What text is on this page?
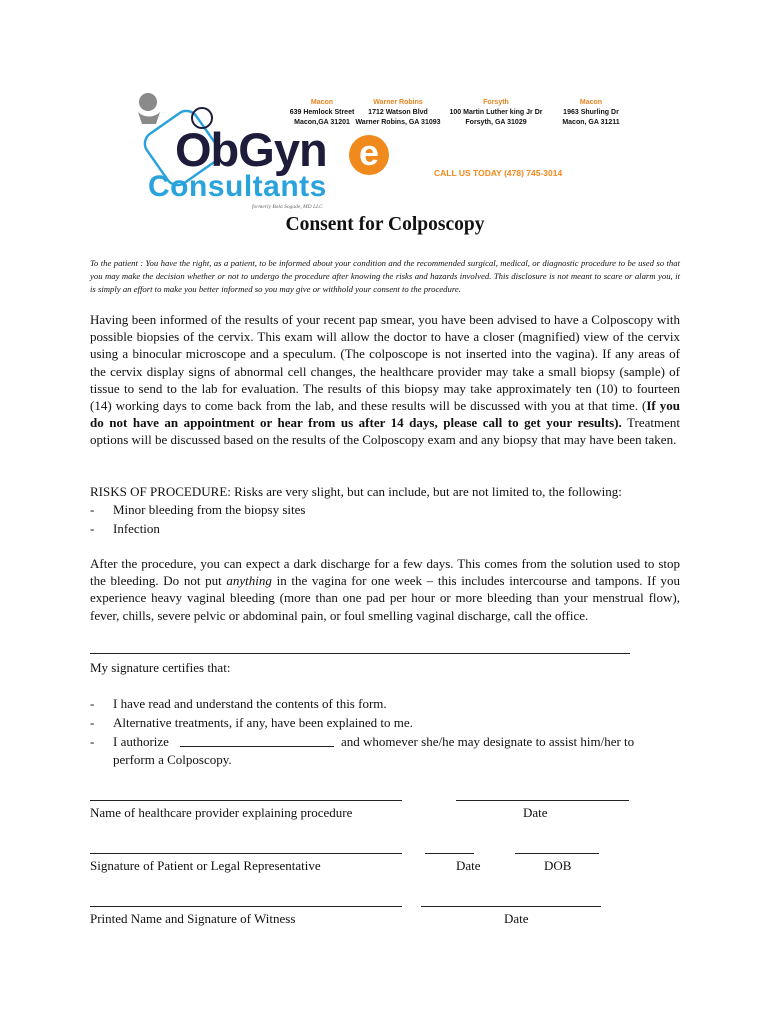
Macon
639 Hemlock Street
Macon,GA 31201
Warner Robins
1712 Watson Blvd
Warner Robins, GA 31093
Forsyth
100 Martin Luther king Jr Dr
Forsyth, GA 31029
Macon
1963 Shurling Dr
Macon, GA 31211
ObGyn e
Consultants
formerly Bola Sogade, MD LLC
CALL US TODAY (478) 745-3014
Consent for Colposcopy
To the patient : You have the right, as a patient, to be informed about your condition and the recommended surgical, medical, or diagnostic procedure to be used so that you may make the decision whether or not to undergo the procedure after knowing the risks and hazards involved. This disclosure is not meant to scare or alarm you, it is simply an effort to make you better informed so you may give or withhold your consent to the procedure.
Having been informed of the results of your recent pap smear, you have been advised to have a Colposcopy with possible biopsies of the cervix. This exam will allow the doctor to have a closer (magnified) view of the cervix using a binocular microscope and a speculum. (The colposcope is not inserted into the vagina). If any areas of the cervix display signs of abnormal cell changes, the healthcare provider may take a small biopsy (sample) of tissue to send to the lab for evaluation. The results of this biopsy may take approximately ten (10) to fourteen (14) working days to come back from the lab, and these results will be discussed with you at that time. (If you do not have an appointment or hear from us after 14 days, please call to get your results). Treatment options will be discussed based on the results of the Colposcopy exam and any biopsy that may have been taken.
RISKS OF PROCEDURE: Risks are very slight, but can include, but are not limited to, the following:
- Minor bleeding from the biopsy sites
- Infection
After the procedure, you can expect a dark discharge for a few days. This comes from the solution used to stop the bleeding. Do not put anything in the vagina for one week – this includes intercourse and tampons. If you experience heavy vaginal bleeding (more than one pad per hour or more bleeding than your menstrual flow), fever, chills, severe pelvic or abdominal pain, or foul smelling vaginal discharge, call the office.
My signature certifies that:
- I have read and understand the contents of this form.
- Alternative treatments, if any, have been explained to me.
- I authorize	and whomever she/he may designate to assist him/her to
perform a Colposcopy.
Name of healthcare provider explaining procedure	Date
Signature of Patient or Legal Representative	Date	DOB
Printed Name and Signature of Witness	Date
